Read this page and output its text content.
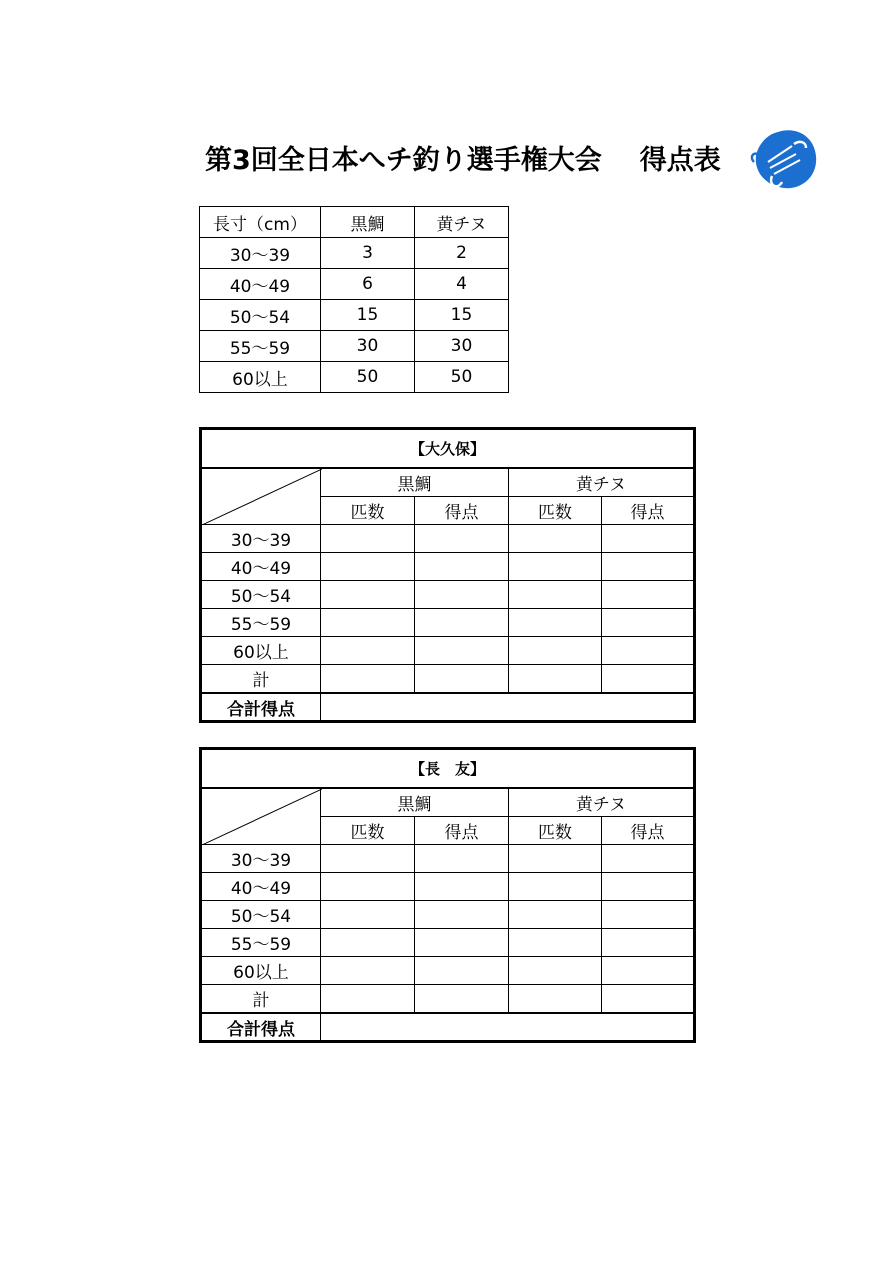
第3回全日本へチ釣り選手権大会 得点表
長寸（cm）	黒鯛	黄チヌ
30～39	3	2
40～49	6	4
50～54	15	15
55～59	30	30
60以上	50	50
【大久保】				

	黒鯛		黄チヌ	
	匹数	得点	匹数	得点
30～39				
40～49				
50～54				
55～59				
60以上				
計				
合計得点				
【長　友】				

	黒鯛		黄チヌ	
	匹数	得点	匹数	得点
30～39				
40～49				
50～54				
55～59				
60以上				
計				
合計得点				
